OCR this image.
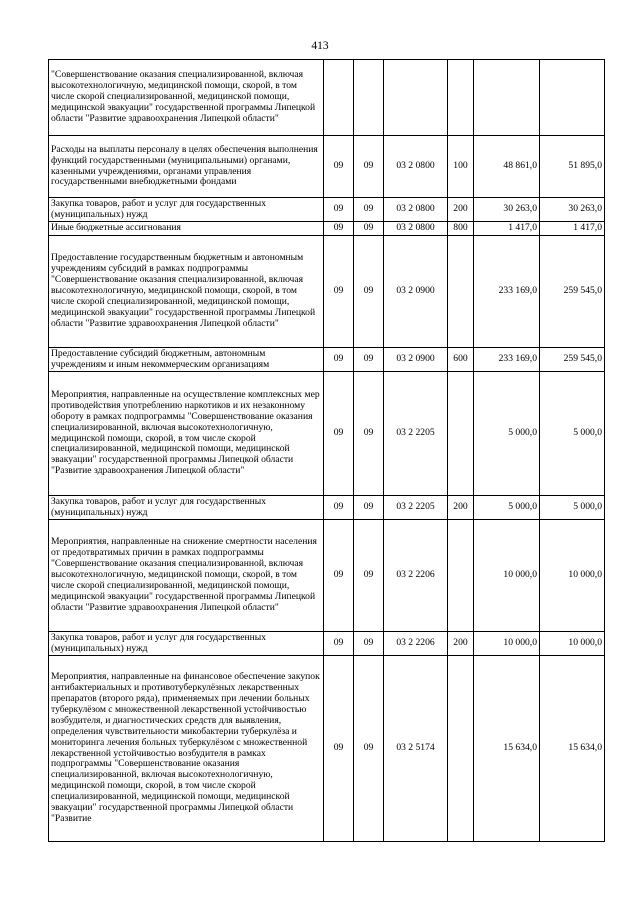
413
"Совершенствование оказания специализированной, включая высокотехнологичную, медицинской помощи, скорой, в том числе скорой специализированной, медицинской помощи, медицинской эвакуации" государственной программы Липецкой области "Развитие здравоохранения Липецкой области"						
Расходы на выплаты персоналу в целях обеспечения выполнения функций государственными (муниципальными) органами, казенными учреждениями, органами управления государственными внебюджетными фондами	09	09	03 2 0800	100	48 861,0	51 895,0
Закупка товаров, работ и услуг для государственных (муниципальных) нужд	09	09	03 2 0800	200	30 263,0	30 263,0
Иные бюджетные ассигнования	09	09	03 2 0800	800	1 417,0	1 417,0
Предоставление государственным бюджетным и автономным учреждениям субсидий в рамках подпрограммы "Совершенствование оказания специализированной, включая высокотехнологичную, медицинской помощи, скорой, в том числе скорой специализированной, медицинской помощи, медицинской эвакуации" государственной программы Липецкой области "Развитие здравоохранения Липецкой области"	09	09	03 2 0900		233 169,0	259 545,0
Предоставление субсидий бюджетным, автономным учреждениям и иным некоммерческим организациям	09	09	03 2 0900	600	233 169,0	259 545,0
Мероприятия, направленные на осуществление комплексных мер противодействия употреблению наркотиков и их незаконному обороту в рамках подпрограммы "Совершенствование оказания специализированной, включая высокотехнологичную, медицинской помощи, скорой, в том числе скорой специализированной, медицинской помощи, медицинской эвакуации" государственной программы Липецкой области "Развитие здравоохранения Липецкой области"	09	09	03 2 2205		5 000,0	5 000,0
Закупка товаров, работ и услуг для государственных (муниципальных) нужд	09	09	03 2 2205	200	5 000,0	5 000,0
Мероприятия, направленные на снижение смертности населения от предотвратимых причин в рамках подпрограммы "Совершенствование оказания специализированной, включая высокотехнологичную, медицинской помощи, скорой, в том числе скорой специализированной, медицинской помощи, медицинской эвакуации" государственной программы Липецкой области "Развитие здравоохранения Липецкой области"	09	09	03 2 2206		10 000,0	10 000,0
Закупка товаров, работ и услуг для государственных (муниципальных) нужд	09	09	03 2 2206	200	10 000,0	10 000,0
Мероприятия, направленные на финансовое обеспечение закупок антибактериальных и противотуберкулёзных лекарственных препаратов (второго ряда), применяемых при лечении больных туберкулёзом с множественной лекарственной устойчивостью возбудителя, и диагностических средств для выявления, определения чувствительности микобактерии туберкулёза и мониторинга лечения больных туберкулёзом с множественной лекарственной устойчивостью возбудителя в рамках подпрограммы "Совершенствование оказания специализированной, включая высокотехнологичную, медицинской помощи, скорой, в том числе скорой специализированной, медицинской помощи, медицинской эвакуации" государственной программы Липецкой области "Развитие	09	09	03 2 5174		15 634,0	15 634,0
